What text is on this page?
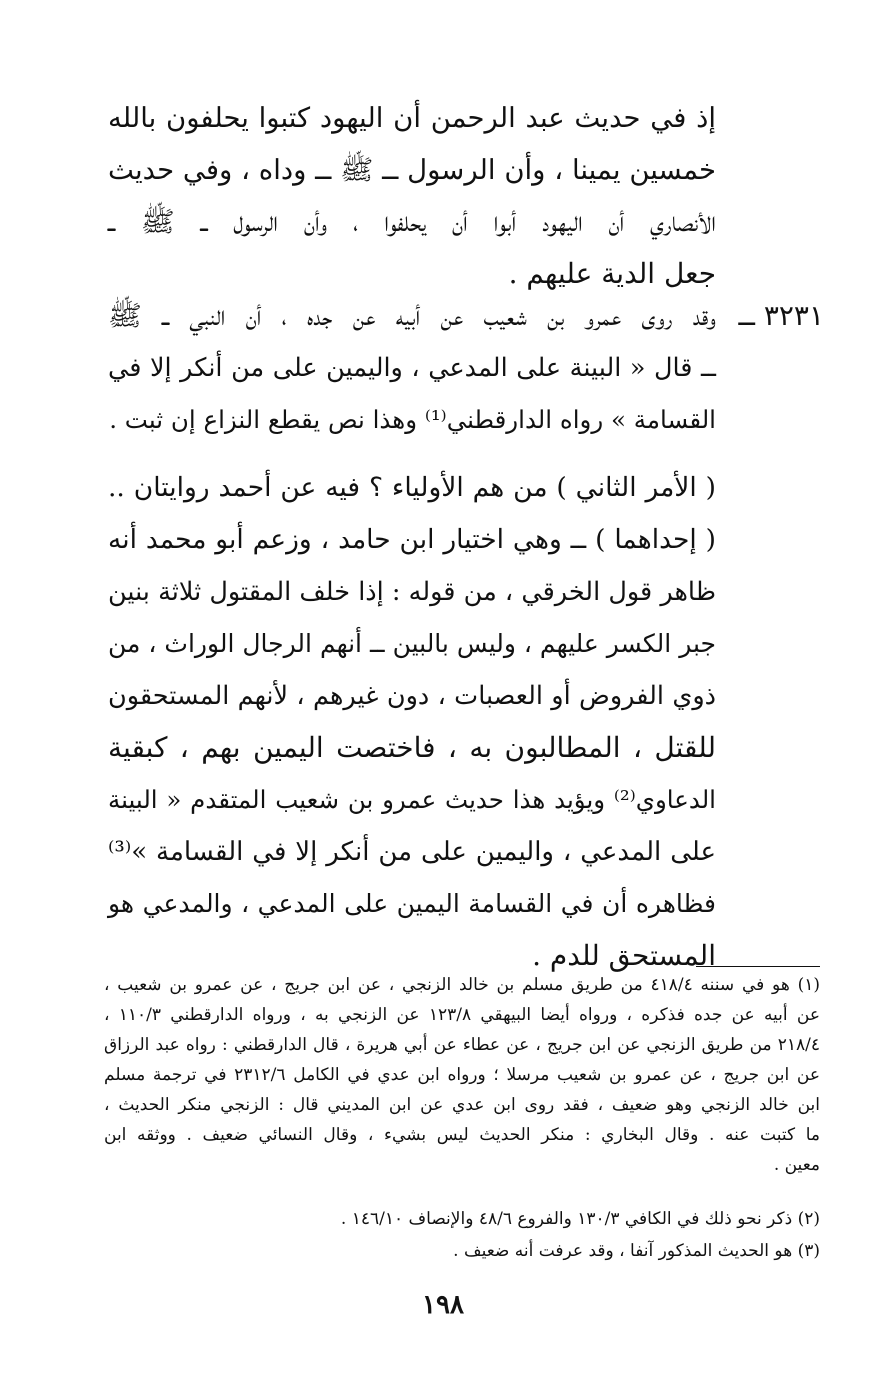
إذ في حديث عبد الرحمن أن اليهود كتبوا يحلفون بالله
خمسين يمينا ، وأن الرسول ــ ﷺ ــ وداه ، وفي حديث
الأنصاري أن اليهود أبوا أن يحلفوا ، وأن الرسول ــ ﷺ ــ
جعل الدية عليهم .

٣٢٣١ ــ

وقد روى عمرو بن شعيب عن أبيه عن جده ، أن النبي ــ ﷺ
ــ قال « البينة على المدعي ، واليمين على من أنكر إلا في
القسامة » رواه الدارقطني⁽¹⁾ وهذا نص يقطع النزاع إن ثبت .

( الأمر الثاني ) من هم الأولياء ؟ فيه عن أحمد روايتان ..
( إحداهما ) ــ وهي اختيار ابن حامد ، وزعم أبو محمد أنه
ظاهر قول الخرقي ، من قوله : إذا خلف المقتول ثلاثة بنين
جبر الكسر عليهم ، وليس بالبين ــ أنهم الرجال الوراث ، من
ذوي الفروض أو العصبات ، دون غيرهم ، لأنهم المستحقون
للقتل ، المطالبون به ، فاختصت اليمين بهم ، كبقية
الدعاوي⁽²⁾ ويؤيد هذا حديث عمرو بن شعيب المتقدم « البينة
على المدعي ، واليمين على من أنكر إلا في القسامة »⁽³⁾
فظاهره أن في القسامة اليمين على المدعي ، والمدعي هو
المستحق للدم .

(١) هو في سننه ٤١٨/٤ من طريق مسلم بن خالد الزنجي ، عن ابن جريج ، عن عمرو بن شعيب ،
عن أبيه عن جده فذكره ، ورواه أيضا البيهقي ١٢٣/٨ عن الزنجي به ، ورواه الدارقطني ١١٠/٣ ،
٢١٨/٤ من طريق الزنجي عن ابن جريج ، عن عطاء عن أبي هريرة ، قال الدارقطني : رواه عبد الرزاق
عن ابن جريج ، عن عمرو بن شعيب مرسلا ؛ ورواه ابن عدي في الكامل ٢٣١٢/٦ في ترجمة مسلم
ابن خالد الزنجي وهو ضعيف ، فقد روى ابن عدي عن ابن المديني قال : الزنجي منكر الحديث ،
ما كتبت عنه . وقال البخاري : منكر الحديث ليس بشيء ، وقال النسائي ضعيف . ووثقه ابن
معين .

(٢) ذكر نحو ذلك في الكافي ١٣٠/٣ والفروع ٤٨/٦ والإنصاف ١٤٦/١٠ .

(٣) هو الحديث المذكور آنفا ، وقد عرفت أنه ضعيف .

١٩٨
